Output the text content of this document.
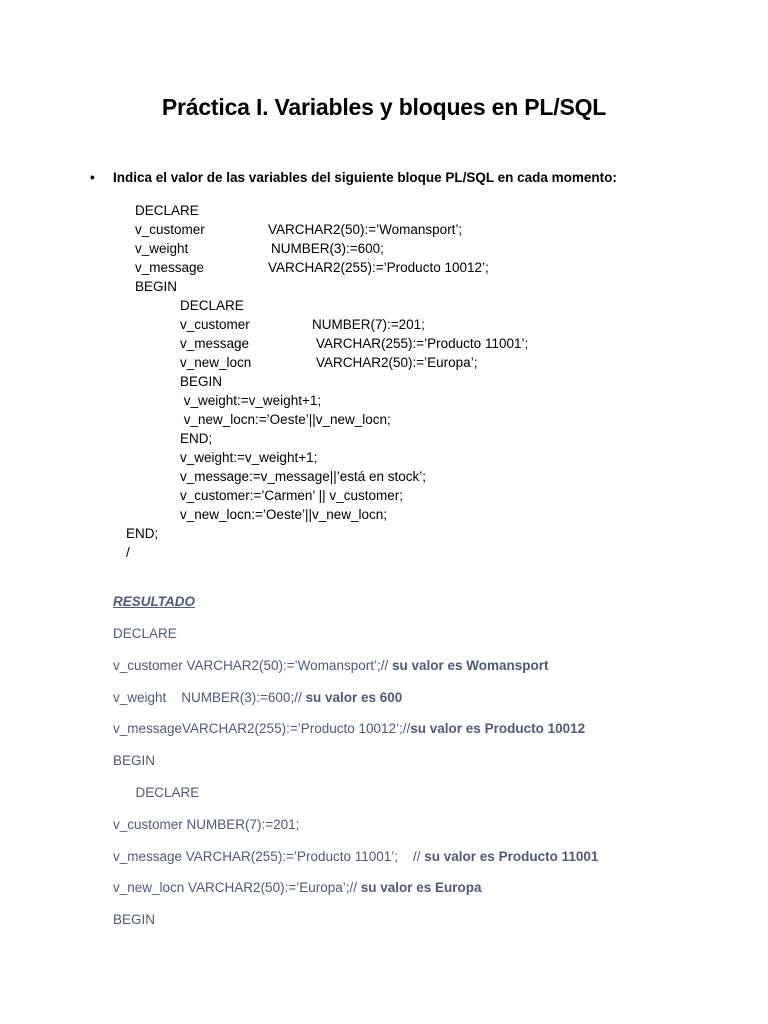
Práctica I. Variables y bloques en PL/SQL
• Indica el valor de las variables del siguiente bloque PL/SQL en cada momento:
DECLARE
v_customer	VARCHAR2(50):=’Womansport’;
v_weight	NUMBER(3):=600;
v_message	VARCHAR2(255):=’Producto 10012’;
BEGIN
DECLARE
v_customer	NUMBER(7):=201;
v_message	VARCHAR(255):=’Producto 11001’;
v_new_locn	VARCHAR2(50):=’Europa’;
BEGIN
v_weight:=v_weight+1;
v_new_locn:=’Oeste’||v_new_locn;
END;
v_weight:=v_weight+1;
v_message:=v_message||’está en stock’;
v_customer:=’Carmen’ || v_customer;
v_new_locn:=’Oeste’||v_new_locn;
END;
/
RESULTADO
DECLARE
v_customer VARCHAR2(50):=’Womansport’;// su valor es Womansport
v_weight    NUMBER(3):=600;// su valor es 600
v_messageVARCHAR2(255):=’Producto 10012’;//su valor es Producto 10012
BEGIN
DECLARE
v_customer NUMBER(7):=201;
v_message VARCHAR(255):=’Producto 11001’;    // su valor es Producto 11001
v_new_locn VARCHAR2(50):=’Europa’;// su valor es Europa
BEGIN
